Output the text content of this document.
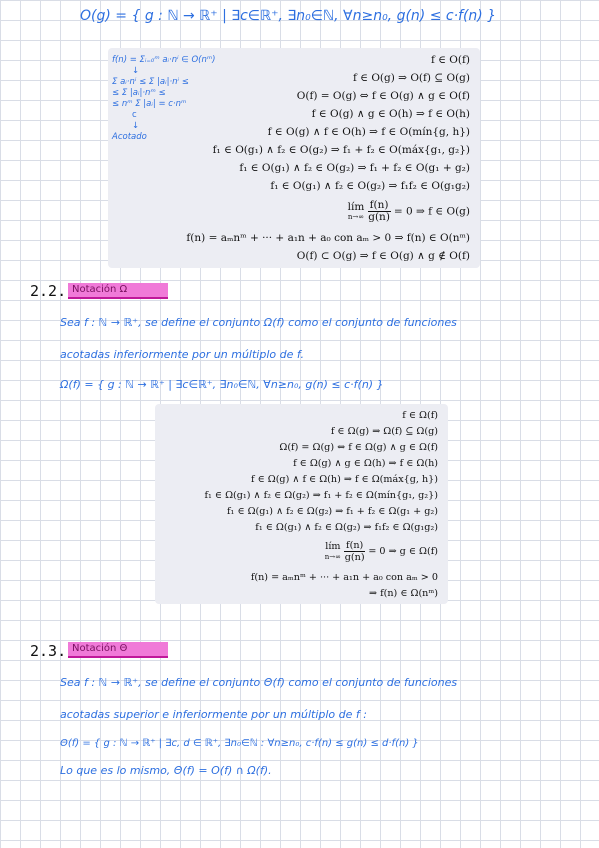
O(g) = { g : ℕ → ℝ⁺ | ∃c∈ℝ⁺, ∃n₀∈ℕ, ∀n≥n₀, g(n) ≤ c·f(n) }
f ∈ O(f)
f ∈ O(g) ⇒ O(f) ⊆ O(g)
O(f) = O(g) ⇔ f ∈ O(g) ∧ g ∈ O(f)
f ∈ O(g) ∧ g ∈ O(h) ⇒ f ∈ O(h)
f ∈ O(g) ∧ f ∈ O(h) ⇒ f ∈ O(mín{g, h})
f₁ ∈ O(g₁) ∧ f₂ ∈ O(g₂) ⇒ f₁ + f₂ ∈ O(máx{g₁, g₂})
f₁ ∈ O(g₁) ∧ f₂ ∈ O(g₂) ⇒ f₁ + f₂ ∈ O(g₁ + g₂)
f₁ ∈ O(g₁) ∧ f₂ ∈ O(g₂) ⇒ f₁f₂ ∈ O(g₁g₂)
lím
n→∞
$\frac{f(n)}{g(n)} = 0$ ⇒ f ∈ O(g)
f(n) = aₘnᵐ + ··· + a₁n + a₀ con aₘ > 0 ⇒ f(n) ∈ O(nᵐ)
O(f) ⊂ O(g) ⇒ f ∈ O(g) ∧ g ∉ O(f)
f(n) = Σᵢ₌₀ᵐ aᵢ·nⁱ ∈ O(nᵐ)
↓
Σ aᵢ·nⁱ ≤ Σ |aᵢ|·nⁱ ≤
≤ Σ |aᵢ|·nᵐ ≤
≤ nᵐ Σ |aᵢ| = c·nᵐ
c
↓
Acotado
2.2. Notación Ω
Sea f : ℕ → ℝ⁺, se define el conjunto Ω(f) como el conjunto de funciones
acotadas inferiormente por un múltiplo de f.
Ω(f) = { g : ℕ → ℝ⁺ | ∃c∈ℝ⁺, ∃n₀∈ℕ, ∀n≥n₀, g(n) ≤ c·f(n) }
f ∈ Ω(f)
f ∈ Ω(g) ⇒ Ω(f) ⊆ Ω(g)
Ω(f) = Ω(g) ⇔ f ∈ Ω(g) ∧ g ∈ Ω(f)
f ∈ Ω(g) ∧ g ∈ Ω(h) ⇒ f ∈ Ω(h)
f ∈ Ω(g) ∧ f ∈ Ω(h) ⇒ f ∈ Ω(máx{g, h})
f₁ ∈ Ω(g₁) ∧ f₂ ∈ Ω(g₂) ⇒ f₁ + f₂ ∈ Ω(mín{g₁, g₂})
f₁ ∈ Ω(g₁) ∧ f₂ ∈ Ω(g₂) ⇒ f₁ + f₂ ∈ Ω(g₁ + g₂)
f₁ ∈ Ω(g₁) ∧ f₂ ∈ Ω(g₂) ⇒ f₁f₂ ∈ Ω(g₁g₂)
lím
n→∞
$\frac{f(n)}{g(n)} = 0$ ⇒ g ∈ Ω(f)
f(n) = aₘnᵐ + ··· + a₁n + a₀ con aₘ > 0
⇒ f(n) ∈ Ω(nᵐ)
2.3. Notación Θ
Sea f : ℕ → ℝ⁺, se define el conjunto Θ(f) como el conjunto de funciones
acotadas superior e inferiormente por un múltiplo de f :
Θ(f) = { g : ℕ → ℝ⁺ | ∃c, d ∈ ℝ⁺, ∃n₀∈ℕ : ∀n≥n₀, c·f(n) ≤ g(n) ≤ d·f(n) }
Lo que es lo mismo, Θ(f) = O(f) ∩ Ω(f).
